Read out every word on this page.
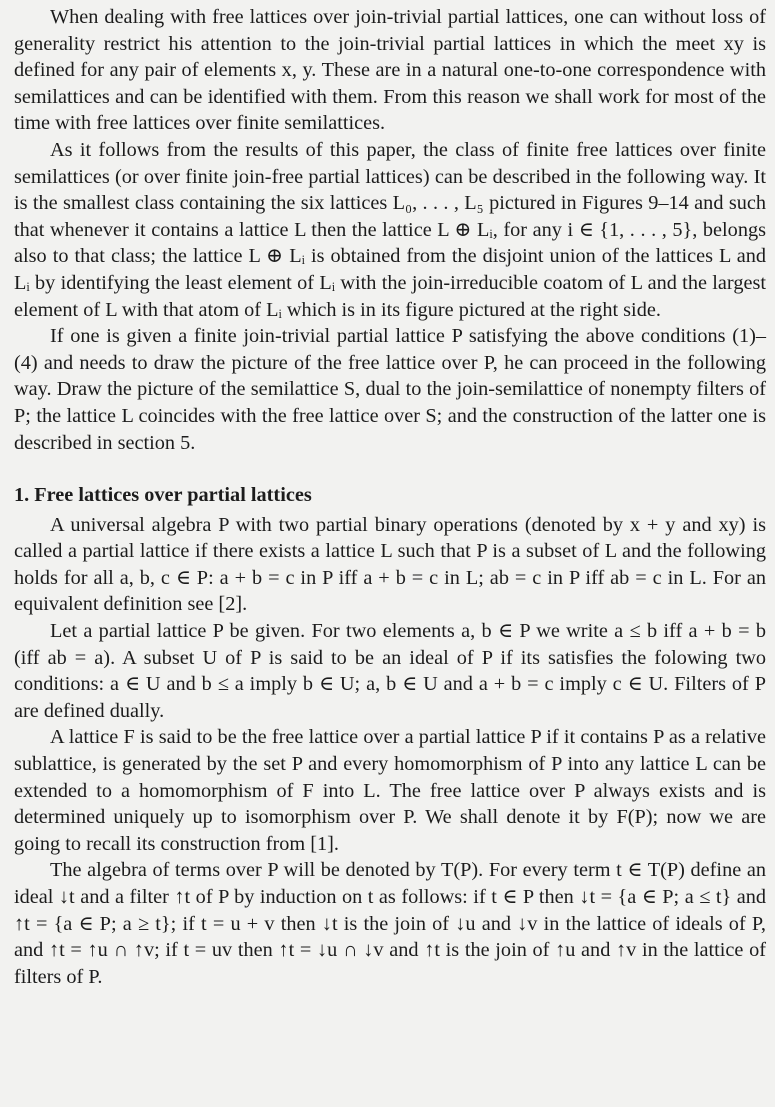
When dealing with free lattices over join-trivial partial lattices, one can without loss of generality restrict his attention to the join-trivial partial lattices in which the meet xy is defined for any pair of elements x, y. These are in a natural one-to-one correspondence with semilattices and can be identified with them. From this reason we shall work for most of the time with free lattices over finite semilattices.

As it follows from the results of this paper, the class of finite free lattices over finite semilattices (or over finite join-free partial lattices) can be described in the following way. It is the smallest class containing the six lattices L₀, . . . , L₅ pictured in Figures 9–14 and such that whenever it contains a lattice L then the lattice L ⊕ Lᵢ, for any i ∈ {1, . . . , 5}, belongs also to that class; the lattice L ⊕ Lᵢ is obtained from the disjoint union of the lattices L and Lᵢ by identifying the least element of Lᵢ with the join-irreducible coatom of L and the largest element of L with that atom of Lᵢ which is in its figure pictured at the right side.

If one is given a finite join-trivial partial lattice P satisfying the above conditions (1)–(4) and needs to draw the picture of the free lattice over P, he can proceed in the following way. Draw the picture of the semilattice S, dual to the join-semilattice of nonempty filters of P; the lattice L coincides with the free lattice over S; and the construction of the latter one is described in section 5.

1. Free lattices over partial lattices

A universal algebra P with two partial binary operations (denoted by x + y and xy) is called a partial lattice if there exists a lattice L such that P is a subset of L and the following holds for all a, b, c ∈ P: a + b = c in P iff a + b = c in L; ab = c in P iff ab = c in L. For an equivalent definition see [2].

Let a partial lattice P be given. For two elements a, b ∈ P we write a ≤ b iff a + b = b (iff ab = a). A subset U of P is said to be an ideal of P if its satisfies the folowing two conditions: a ∈ U and b ≤ a imply b ∈ U; a, b ∈ U and a + b = c imply c ∈ U. Filters of P are defined dually.

A lattice F is said to be the free lattice over a partial lattice P if it contains P as a relative sublattice, is generated by the set P and every homomorphism of P into any lattice L can be extended to a homomorphism of F into L. The free lattice over P always exists and is determined uniquely up to isomorphism over P. We shall denote it by F(P); now we are going to recall its construction from [1].

The algebra of terms over P will be denoted by T(P). For every term t ∈ T(P) define an ideal ↓t and a filter ↑t of P by induction on t as follows: if t ∈ P then ↓t = {a ∈ P; a ≤ t} and ↑t = {a ∈ P; a ≥ t}; if t = u + v then ↓t is the join of ↓u and ↓v in the lattice of ideals of P, and ↑t = ↑u ∩ ↑v; if t = uv then ↑t = ↓u ∩ ↓v and ↑t is the join of ↑u and ↑v in the lattice of filters of P.
